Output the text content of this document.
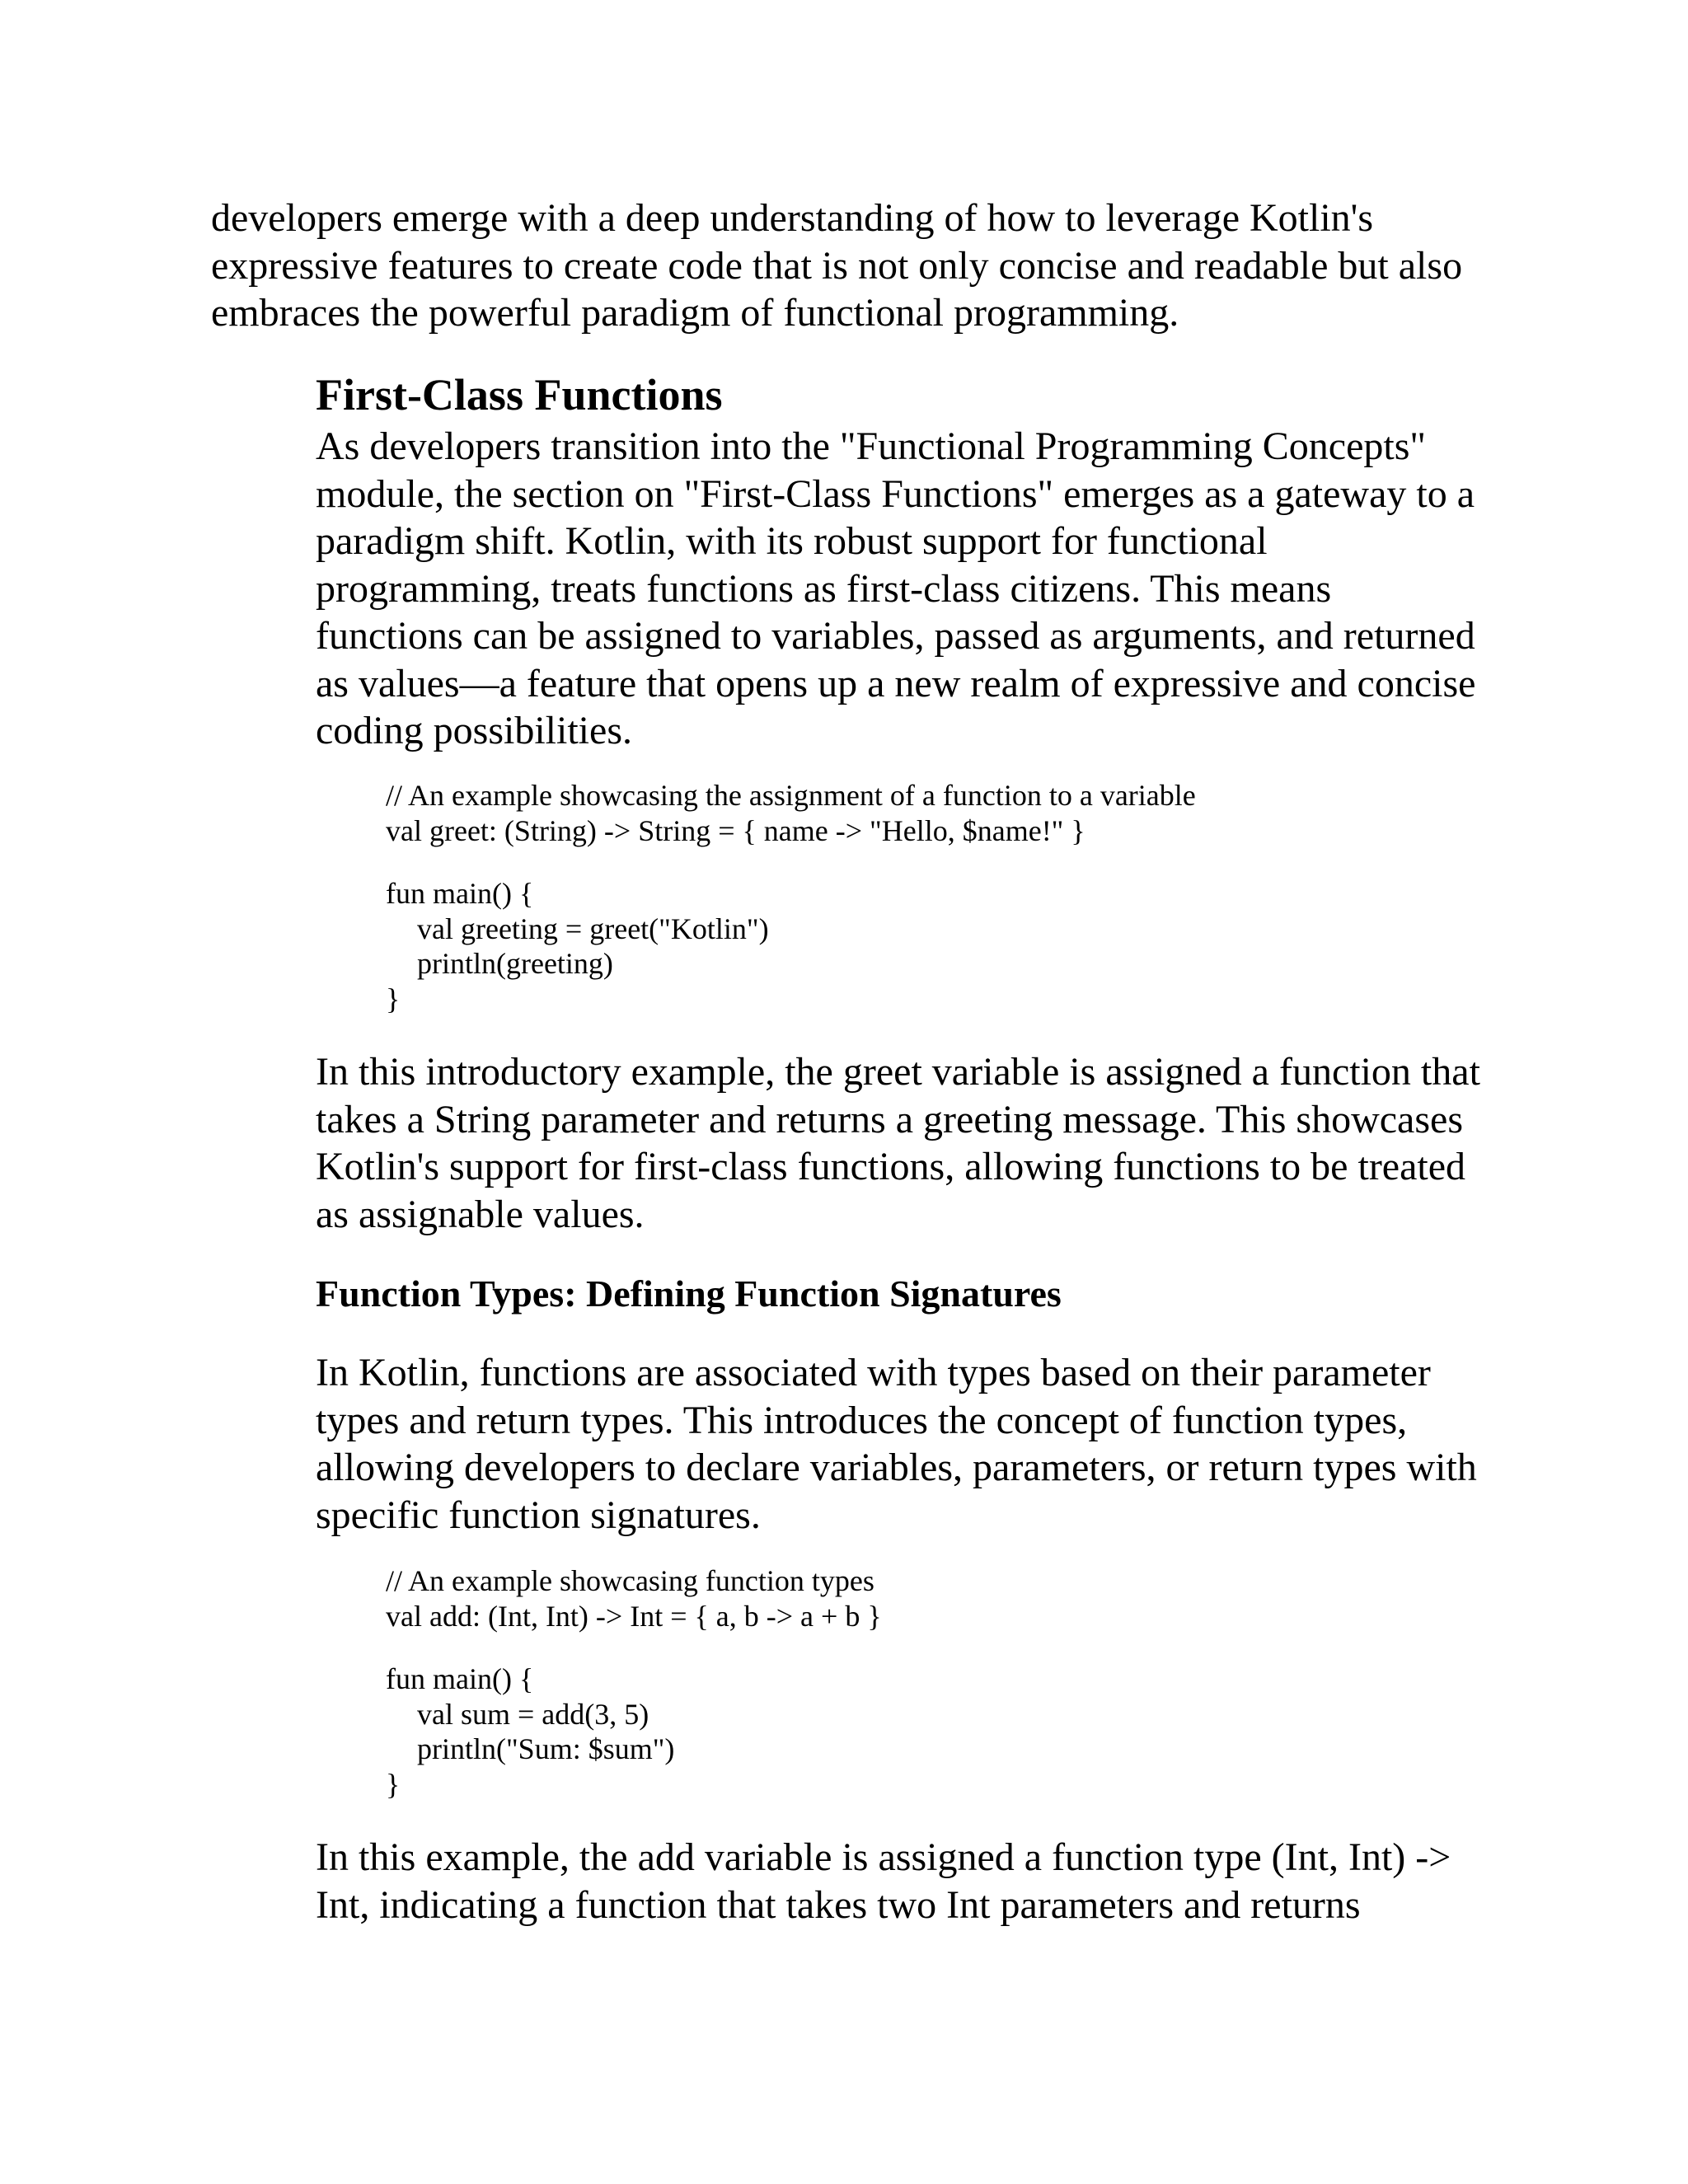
developers emerge with a deep understanding of how to leverage Kotlin's expressive features to create code that is not only concise and readable but also embraces the powerful paradigm of functional programming.

First-Class Functions

As developers transition into the "Functional Programming Concepts" module, the section on "First-Class Functions" emerges as a gateway to a paradigm shift. Kotlin, with its robust support for functional programming, treats functions as first-class citizens. This means functions can be assigned to variables, passed as arguments, and returned as values—a feature that opens up a new realm of expressive and concise coding possibilities.

// An example showcasing the assignment of a function to a variable
val greet: (String) -> String = { name -> "Hello, $name!" }
fun main() {
val greeting = greet("Kotlin")
println(greeting)
}

In this introductory example, the greet variable is assigned a function that takes a String parameter and returns a greeting message. This showcases Kotlin's support for first-class functions, allowing functions to be treated as assignable values.

Function Types: Defining Function Signatures

In Kotlin, functions are associated with types based on their parameter types and return types. This introduces the concept of function types, allowing developers to declare variables, parameters, or return types with specific function signatures.

// An example showcasing function types
val add: (Int, Int) -> Int = { a, b -> a + b }
fun main() {
val sum = add(3, 5)
println("Sum: $sum")
}

In this example, the add variable is assigned a function type (Int, Int) -> Int, indicating a function that takes two Int parameters and returns
